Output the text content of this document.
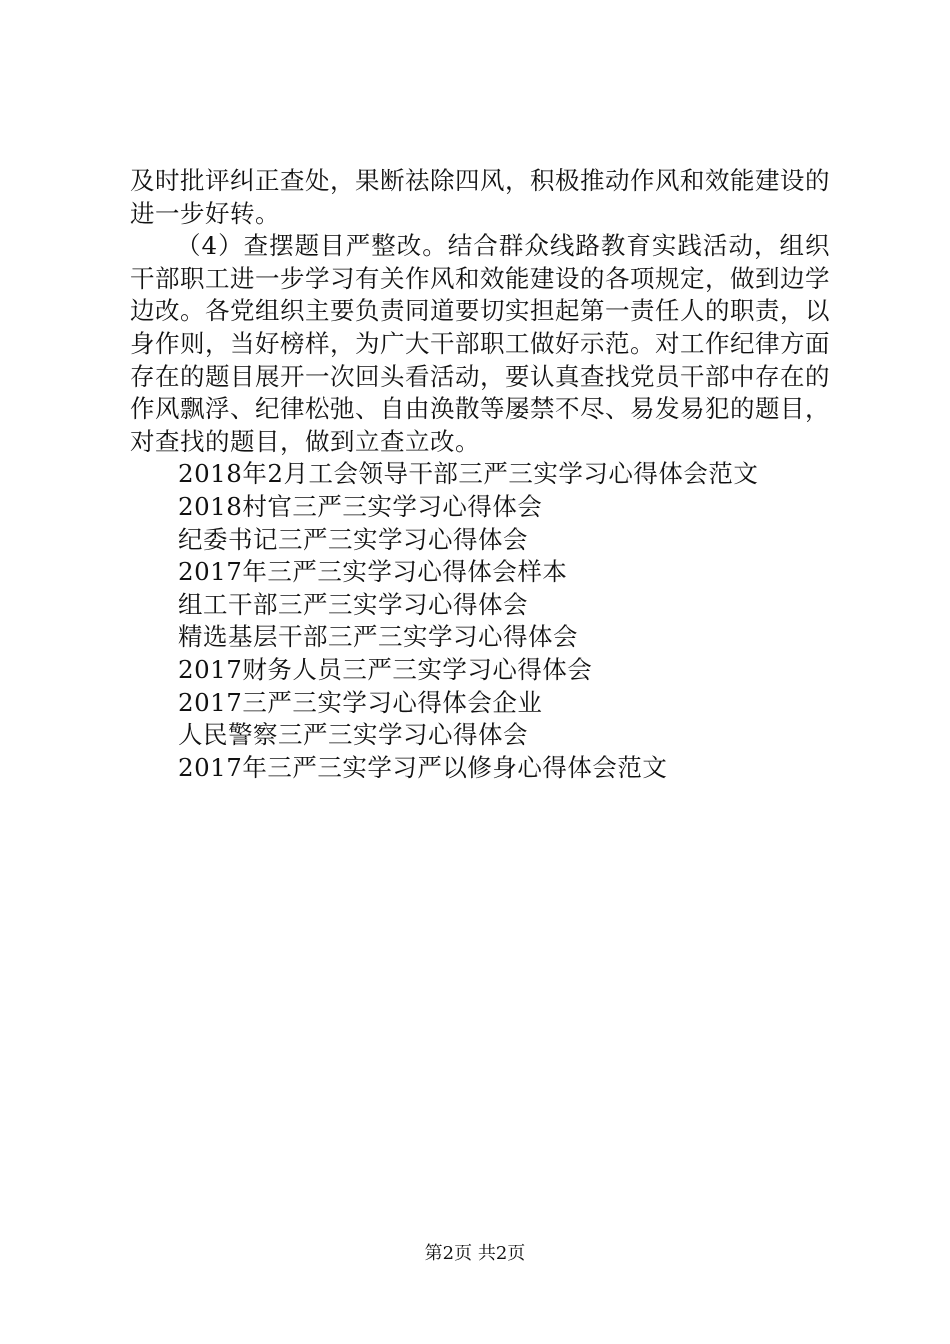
及时批评纠正查处，果断祛除四风，积极推动作风和效能建设的进一步好转。

（4）查摆题目严整改。结合群众线路教育实践活动，组织干部职工进一步学习有关作风和效能建设的各项规定，做到边学边改。各党组织主要负责同道要切实担起第一责任人的职责，以身作则，当好榜样，为广大干部职工做好示范。对工作纪律方面存在的题目展开一次回头看活动，要认真查找党员干部中存在的作风飘浮、纪律松弛、自由涣散等屡禁不尽、易发易犯的题目，对查找的题目，做到立查立改。

2018年2月工会领导干部三严三实学习心得体会范文
2018村官三严三实学习心得体会
纪委书记三严三实学习心得体会
2017年三严三实学习心得体会样本
组工干部三严三实学习心得体会
精选基层干部三严三实学习心得体会
2017财务人员三严三实学习心得体会
2017三严三实学习心得体会企业
人民警察三严三实学习心得体会
2017年三严三实学习严以修身心得体会范文
第2页 共2页
